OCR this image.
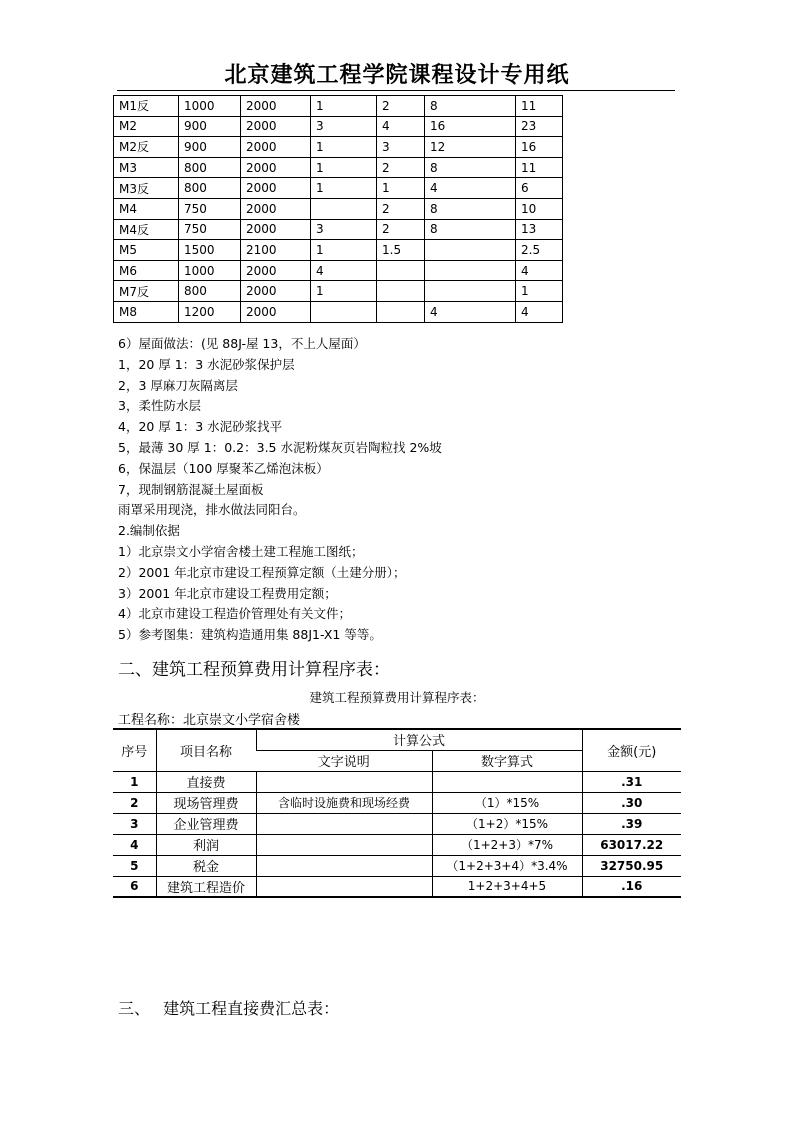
北京建筑工程学院课程设计专用纸
M1反	1000	2000	1	2	8	11
M2	900	2000	3	4	16	23
M2反	900	2000	1	3	12	16
M3	800	2000	1	2	8	11
M3反	800	2000	1	1	4	6
M4	750	2000		2	8	10
M4反	750	2000	3	2	8	13
M5	1500	2100	1	1.5		2.5
M6	1000	2000	4			4
M7反	800	2000	1			1
M8	1200	2000			4	4
6）屋面做法：(见 88J-屋 13，不上人屋面）
1，20 厚 1：3 水泥砂浆保护层
2，3 厚麻刀灰隔离层
3，柔性防水层
4，20 厚 1：3 水泥砂浆找平
5，最薄 30 厚 1：0.2：3.5 水泥粉煤灰页岩陶粒找 2%坡
6，保温层（100 厚聚苯乙烯泡沫板）
7，现制钢筋混凝土屋面板
雨罩采用现浇，排水做法同阳台。
2.编制依据
1）北京崇文小学宿舍楼土建工程施工图纸；
2）2001 年北京市建设工程预算定额（土建分册）；
3）2001 年北京市建设工程费用定额；
4）北京市建设工程造价管理处有关文件；
5）参考图集：建筑构造通用集 88J1-X1 等等。
二、建筑工程预算费用计算程序表：
建筑工程预算费用计算程序表：
工程名称：北京崇文小学宿舍楼
序号	项目名称	计算公式		金额(元)
		文字说明	数字算式	
1	直接费			.31
2	现场管理费	含临时设施费和现场经费	（1）*15%	.30
3	企业管理费		（1+2）*15%	.39
4	利润		（1+2+3）*7%	63017.22
5	税金		（1+2+3+4）*3.4%	32750.95
6	建筑工程造价		1+2+3+4+5	.16
三、　 建筑工程直接费汇总表：
